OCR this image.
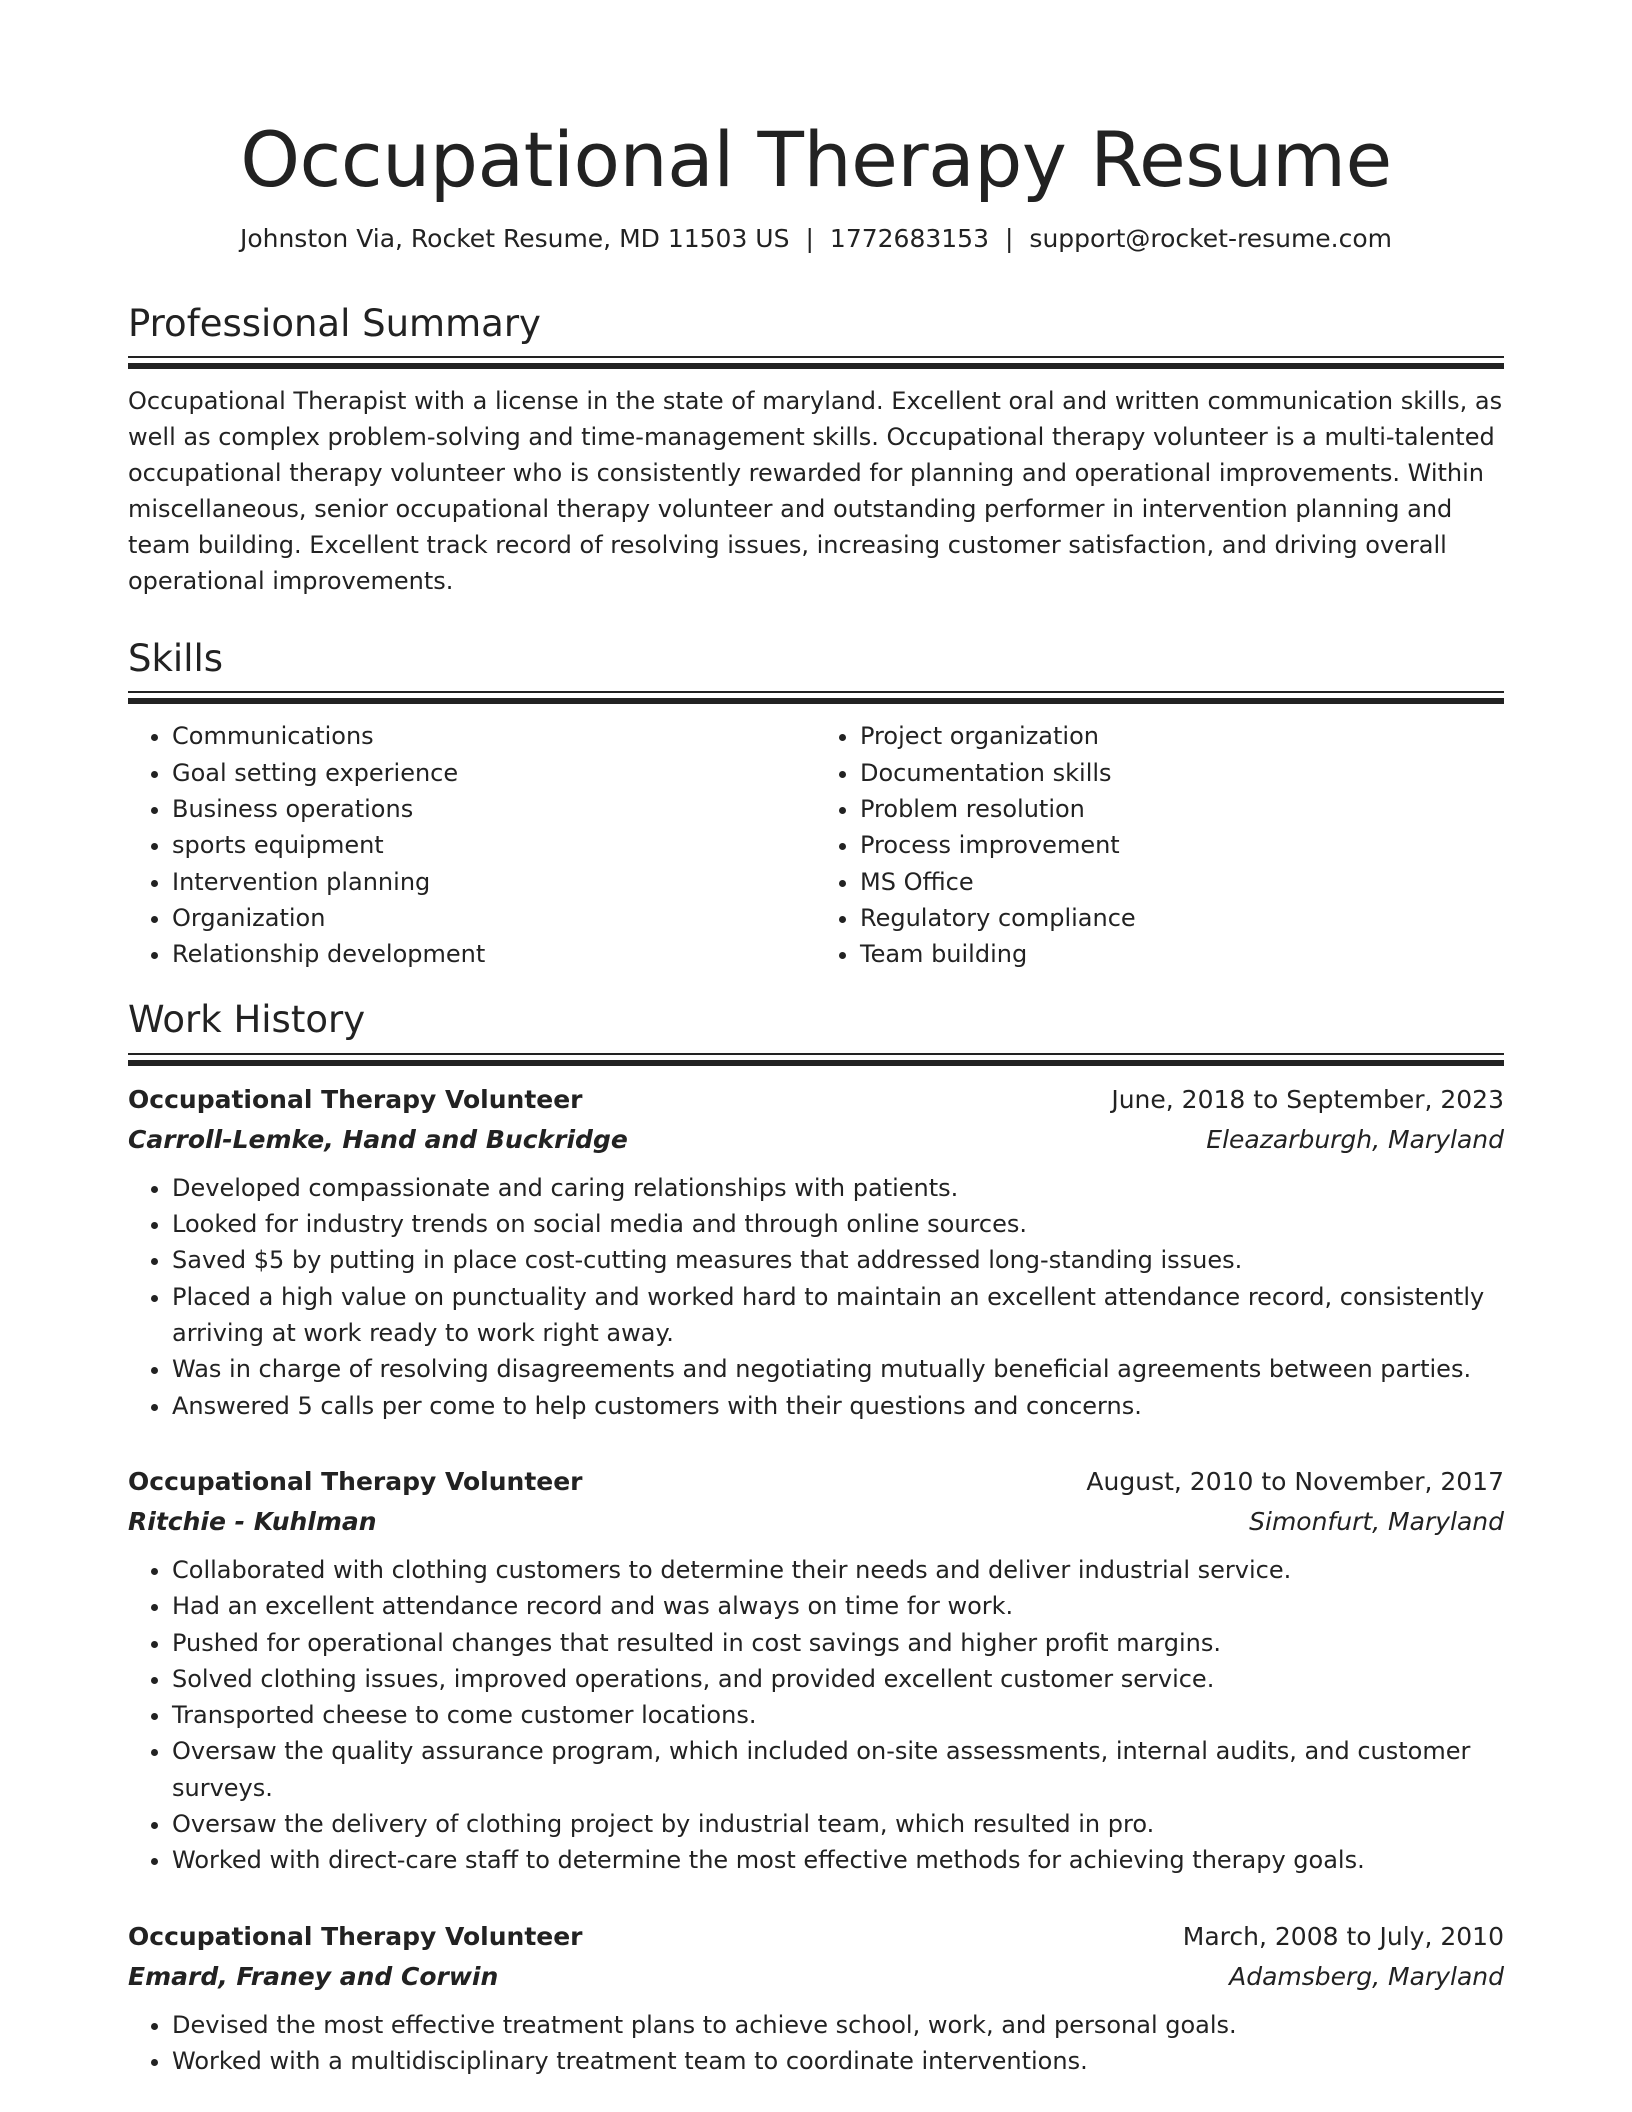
Occupational Therapy Resume
Johnston Via, Rocket Resume, MD 11503 US | 1772683153 | support@rocket-resume.com
Professional Summary

Occupational Therapist with a license in the state of maryland. Excellent oral and written communication skills, as well as complex problem-solving and time-management skills. Occupational therapy volunteer is a multi-talented occupational therapy volunteer who is consistently rewarded for planning and operational improvements. Within miscellaneous, senior occupational therapy volunteer and outstanding performer in intervention planning and team building. Excellent track record of resolving issues, increasing customer satisfaction, and driving overall operational improvements.

Skills
• Communications
• Goal setting experience
• Business operations
• sports equipment
• Intervention planning
• Organization
• Relationship development
• Project organization
• Documentation skills
• Problem resolution
• Process improvement
• MS Office
• Regulatory compliance
• Team building
Work History
Occupational Therapy Volunteer	June, 2018 to September, 2023
Carroll-Lemke, Hand and Buckridge	Eleazarburgh, Maryland
• Developed compassionate and caring relationships with patients.
• Looked for industry trends on social media and through online sources.
• Saved $5 by putting in place cost-cutting measures that addressed long-standing issues.
• Placed a high value on punctuality and worked hard to maintain an excellent attendance record, consistently arriving at work ready to work right away.
• Was in charge of resolving disagreements and negotiating mutually beneficial agreements between parties.
• Answered 5 calls per come to help customers with their questions and concerns.
Occupational Therapy Volunteer	August, 2010 to November, 2017
Ritchie - Kuhlman	Simonfurt, Maryland
• Collaborated with clothing customers to determine their needs and deliver industrial service.
• Had an excellent attendance record and was always on time for work.
• Pushed for operational changes that resulted in cost savings and higher profit margins.
• Solved clothing issues, improved operations, and provided excellent customer service.
• Transported cheese to come customer locations.
• Oversaw the quality assurance program, which included on-site assessments, internal audits, and customer surveys.
• Oversaw the delivery of clothing project by industrial team, which resulted in pro.
• Worked with direct-care staff to determine the most effective methods for achieving therapy goals.
Occupational Therapy Volunteer	March, 2008 to July, 2010
Emard, Franey and Corwin	Adamsberg, Maryland
• Devised the most effective treatment plans to achieve school, work, and personal goals.
• Worked with a multidisciplinary treatment team to coordinate interventions.
